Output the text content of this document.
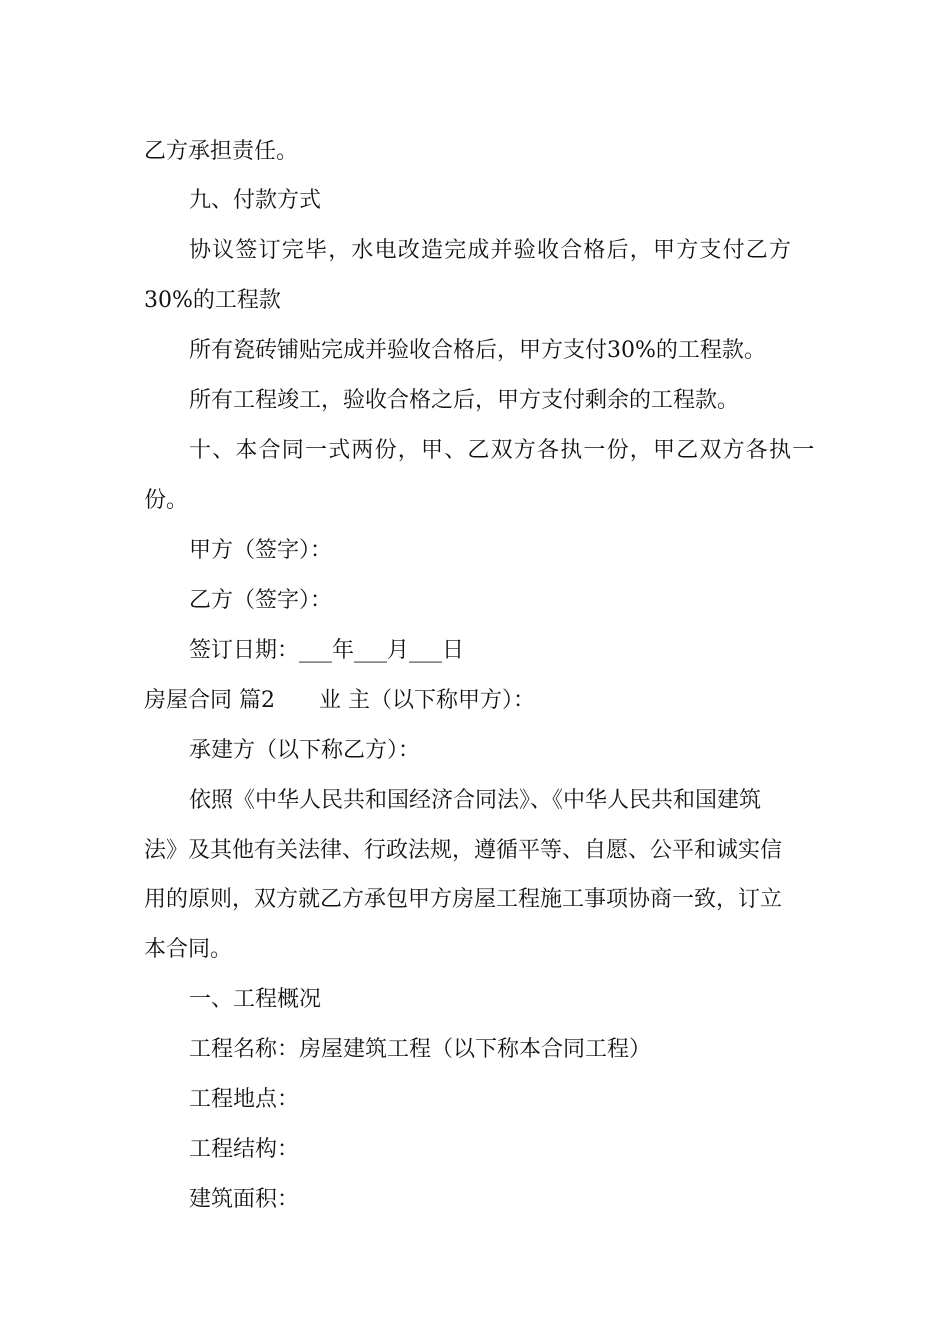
乙方承担责任。
九、付款方式
协议签订完毕，水电改造完成并验收合格后，甲方支付乙方
30%的工程款
所有瓷砖铺贴完成并验收合格后，甲方支付30%的工程款。
所有工程竣工，验收合格之后，甲方支付剩余的工程款。
十、本合同一式两份，甲、乙双方各执一份，甲乙双方各执一
份。
甲方（签字）：
乙方（签字）：
签订日期：___年___月___日
房屋合同 篇2　　业 主（以下称甲方）：
承建方（以下称乙方）：
依照《中华人民共和国经济合同法》、《中华人民共和国建筑
法》及其他有关法律、行政法规，遵循平等、自愿、公平和诚实信
用的原则，双方就乙方承包甲方房屋工程施工事项协商一致，订立
本合同。
一、工程概况
工程名称：房屋建筑工程（以下称本合同工程）
工程地点：
工程结构：
建筑面积：
